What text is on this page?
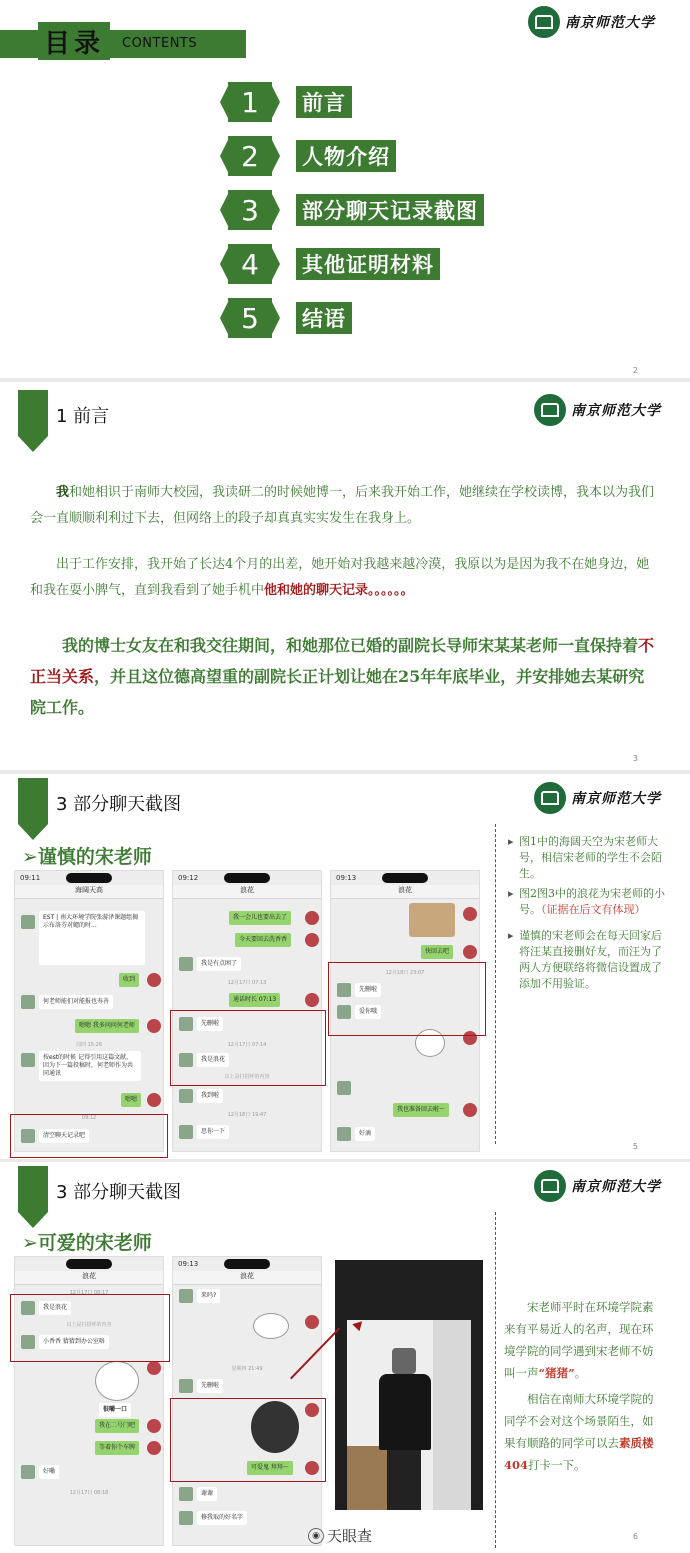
目录	CONTENTS
南京师范大学
1	前言
2	人物介绍
3	部分聊天记录截图
4	其他证明材料
5	结语
2
1 前言	南京师范大学

我和她相识于南师大校园，我读研二的时候她博一，后来我开始工作，她继续在学校读博，我本以为我们会一直顺顺利利过下去，但网络上的段子却真真实实发生在我身上。

出于工作安排，我开始了长达4个月的出差，她开始对我越来越冷漠，我原以为是因为我不在她身边，她和我在耍小脾气，直到我看到了她手机中他和她的聊天记录。。。。。。

我的博士女友在和我交往期间，和她那位已婚的副院长导师宋某某老师一直保持着不正当关系，并且这位德高望重的副院长正计划让她在25年年底毕业，并安排她去某研究院工作。

3
3 部分聊天截图	南京师范大学
➢谨慎的宋老师
09:11
海阔天高
EST | 南大环境学院张游泽课题组揭示布洛芬对鳃的时...
收到
何老师能们对能报也寿善
嗯嗯 我多问问何老师
周四 15:26
按est的时候 记得引用这篇文献，因为下一篇投稿时，何老师作为共同通讯
嗯嗯
09:12
清空聊天记录吧
09:12
浪花
我一会儿也要出去了
今天要回去洗香香
我是有点困了
12月17日 07:13
通话时长 07:13
先删啦
12月17日 07:14
我是浪花
以上是打招呼的内容
我到啦
12月18日 19:47
思你一下
09:13
浪花
快回去吧
12月18日 23:07
先删啦
爱你哦
我也准备回去啦～
好滴
▸ 图1中的海阔天空为宋老师大号，相信宋老师的学生不会陌生。
▸ 图2图3中的浪花为宋老师的小号。（证据在后文有体现）
▸ 谨慎的宋老师会在每天回家后将汪某直接删好友，而汪为了两人方便联络将微信设置成了添加不用验证。
5
3 部分聊天截图	南京师范大学
➢可爱的宋老师
浪花
12月17日 08:17
我是浪花
以上是打招呼的内容
小香香 猜猜到办公室咯
很嚼一口
我在二号门吧
等着你个车牌
好嘞
12月17日 08:18
09:13
浪花
来吗?
星期四 21:49
先删啦
可爱鬼 拜拜～
谢谢
修我取的好名字

宋老师平时在环境学院素来有平易近人的名声，现在环境学院的同学遇到宋老师不妨叫一声“猪猪”。

相信在南师大环境学院的同学不会对这个场景陌生，如果有顺路的同学可以去素质楼404打卡一下。

6
◉ 天眼查
